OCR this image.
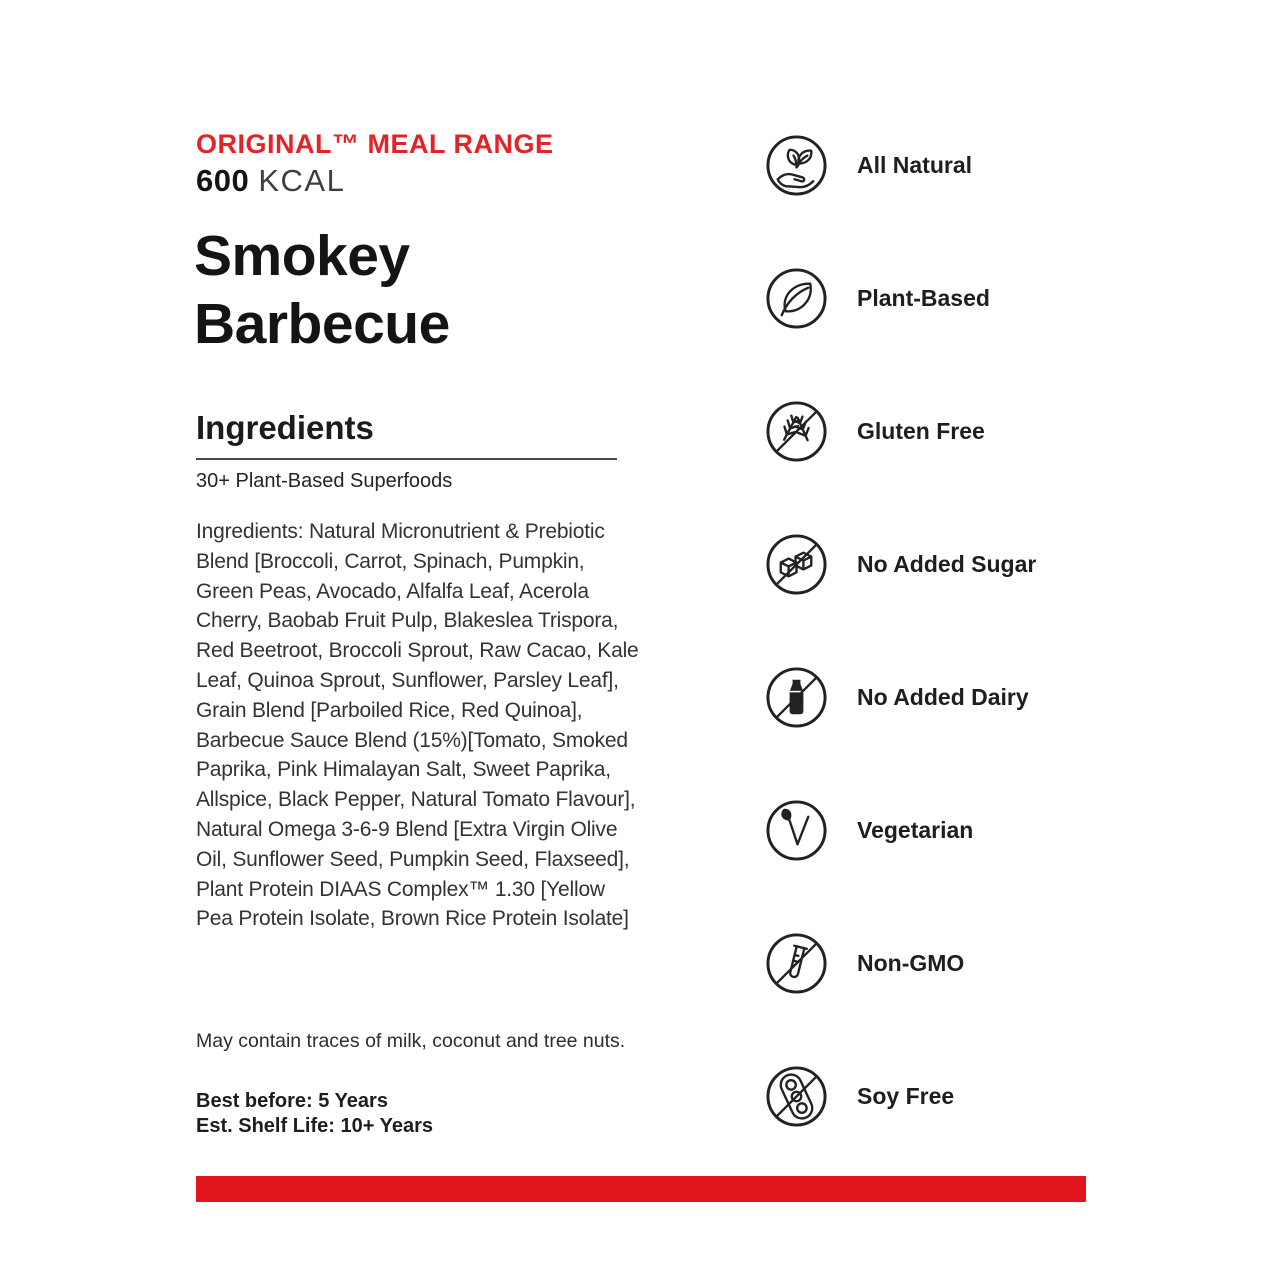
ORIGINAL™ MEAL RANGE
600 KCAL
Smokey Barbecue
Ingredients
30+ Plant-Based Superfoods

Ingredients: Natural Micronutrient & Prebiotic Blend [Broccoli, Carrot, Spinach, Pumpkin, Green Peas, Avocado, Alfalfa Leaf, Acerola Cherry, Baobab Fruit Pulp, Blakeslea Trispora, Red Beetroot, Broccoli Sprout, Raw Cacao, Kale Leaf, Quinoa Sprout, Sunflower, Parsley Leaf], Grain Blend [Parboiled Rice, Red Quinoa], Barbecue Sauce Blend (15%)[Tomato, Smoked Paprika, Pink Himalayan Salt, Sweet Paprika, Allspice, Black Pepper, Natural Tomato Flavour], Natural Omega 3-6-9 Blend [Extra Virgin Olive Oil, Sunflower Seed, Pumpkin Seed, Flaxseed], Plant Protein DIAAS Complex™ 1.30 [Yellow Pea Protein Isolate, Brown Rice Protein Isolate]

May contain traces of milk, coconut and tree nuts.

Best before: 5 Years
Est. Shelf Life: 10+ Years
All Natural
Plant-Based
Gluten Free
No Added Sugar
No Added Dairy
Vegetarian
Non-GMO
Soy Free
